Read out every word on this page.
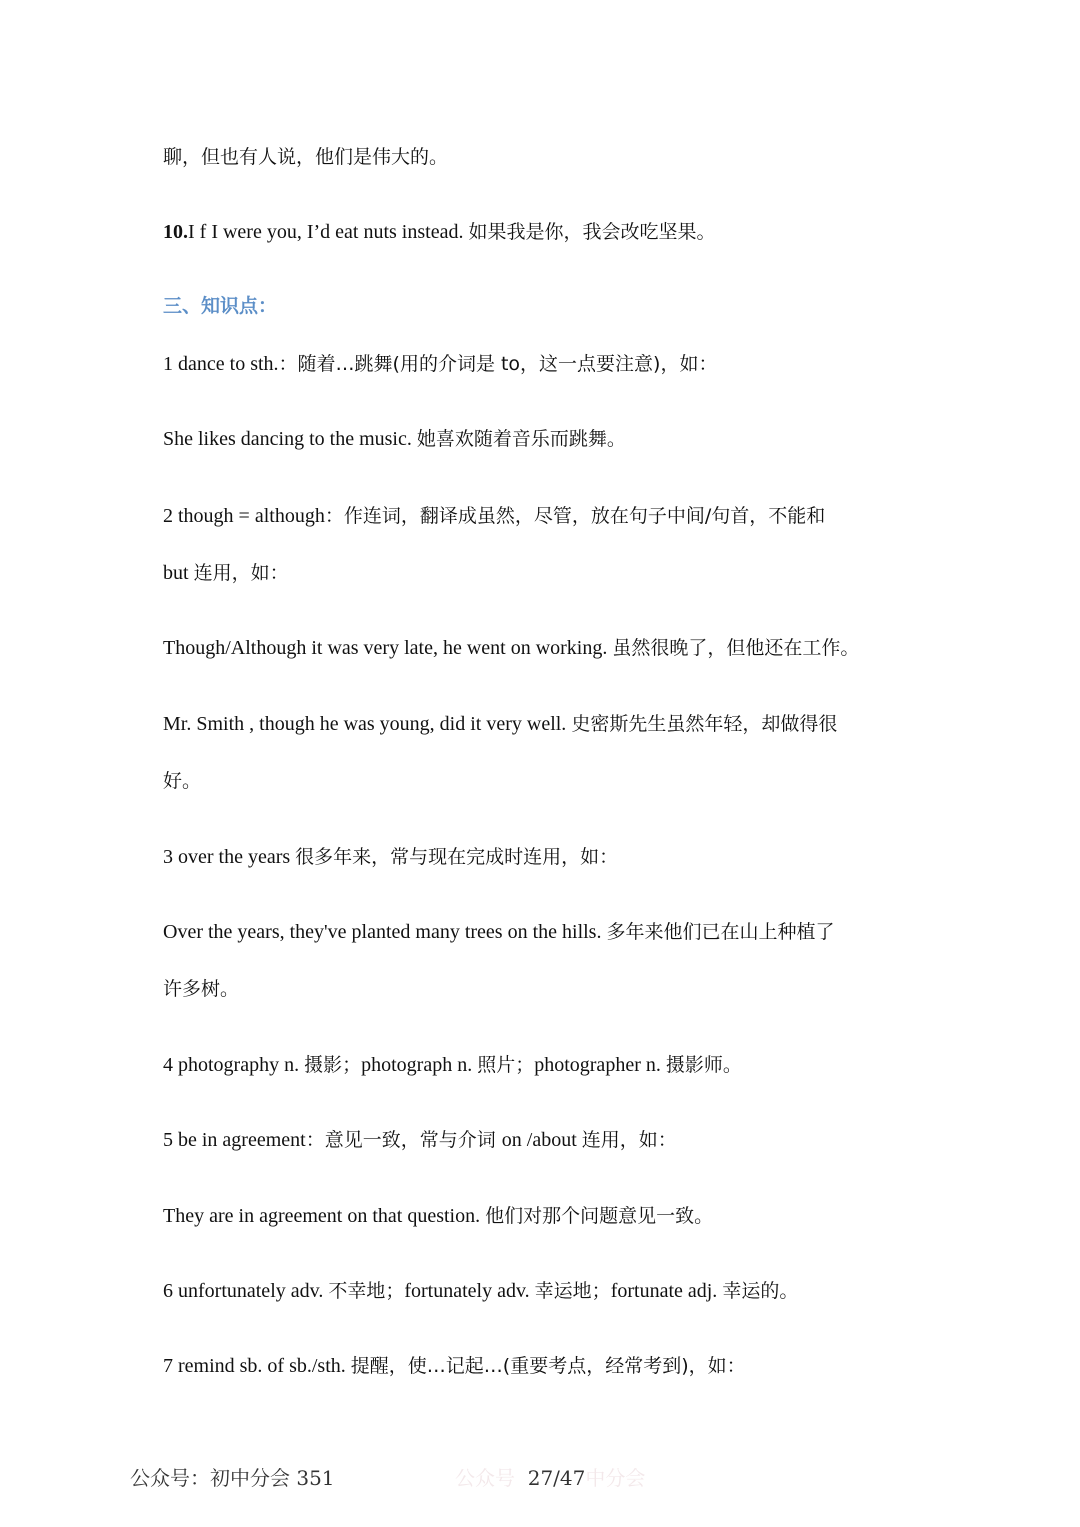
聊，但也有人说，他们是伟大的。
10.I f I were you, I’d eat nuts instead. 如果我是你，我会改吃坚果。
三、知识点：
1 dance to sth.：随着…跳舞(用的介词是 to，这一点要注意)，如：
She likes dancing to the music. 她喜欢随着音乐而跳舞。
2 though = although：作连词，翻译成虽然，尽管，放在句子中间/句首，不能和
but 连用，如：
Though/Although it was very late, he went on working. 虽然很晚了，但他还在工作。
Mr. Smith , though he was young, did it very well. 史密斯先生虽然年轻，却做得很
好。
3 over the years 很多年来，常与现在完成时连用，如：
Over the years, they've planted many trees on the hills. 多年来他们已在山上种植了
许多树。
4 photography n. 摄影；photograph n. 照片；photographer n. 摄影师。
5 be in agreement：意见一致，常与介词 on /about 连用，如：
They are in agreement on that question. 他们对那个问题意见一致。
6 unfortunately adv. 不幸地；fortunately adv. 幸运地；fortunate adj. 幸运的。
7 remind sb. of sb./sth. 提醒，使…记起…(重要考点，经常考到)，如：
公众号：初中分会 351	公众号 27/47中分会
